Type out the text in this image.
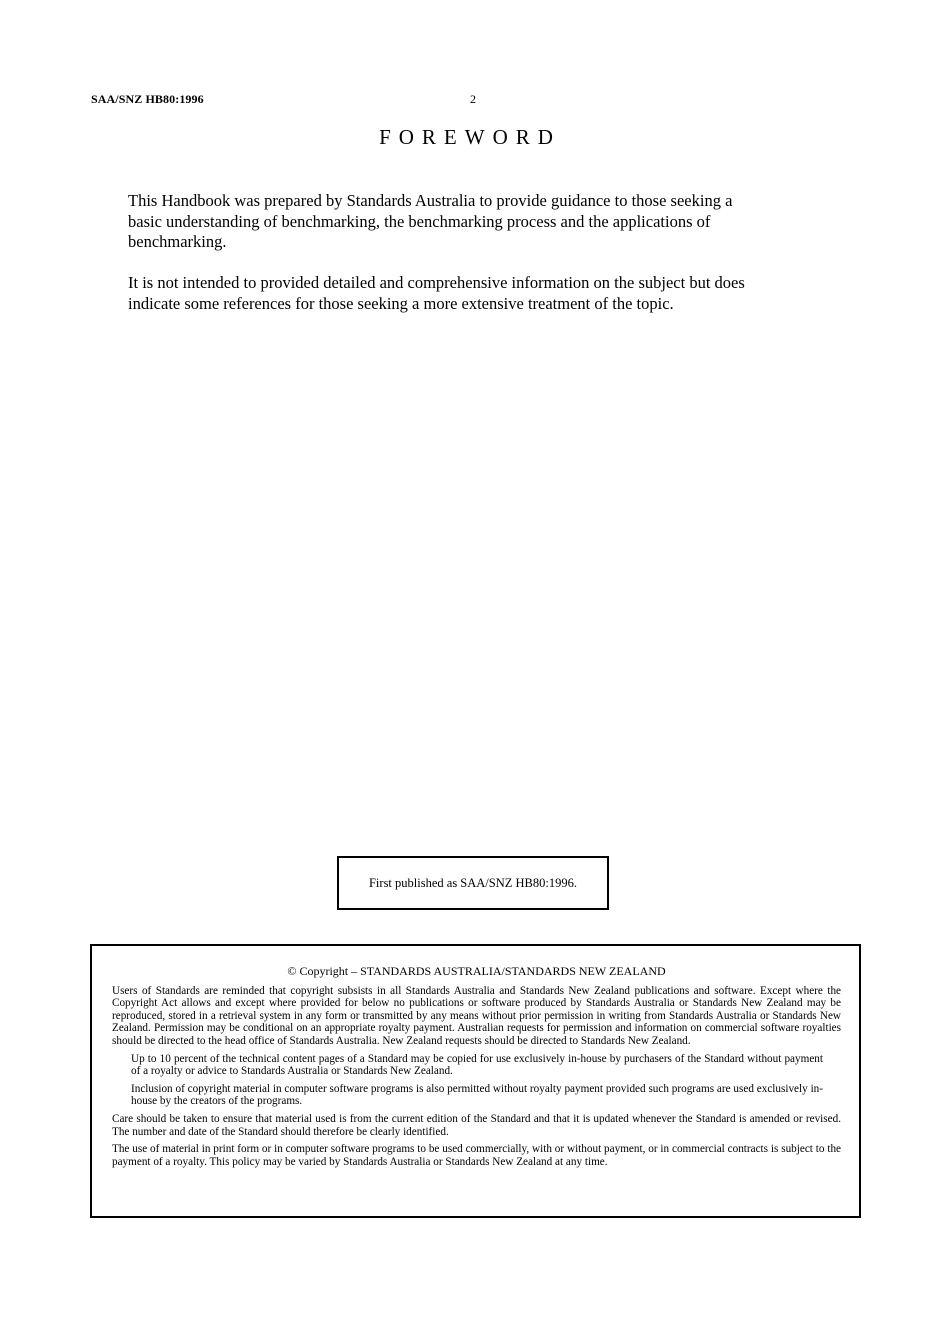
SAA/SNZ HB80:1996	2
FOREWORD

This Handbook was prepared by Standards Australia to provide guidance to those seeking a basic understanding of benchmarking, the benchmarking process and the applications of benchmarking.

It is not intended to provided detailed and comprehensive information on the subject but does indicate some references for those seeking a more extensive treatment of the topic.

First published as SAA/SNZ HB80:1996.
© Copyright – STANDARDS AUSTRALIA/STANDARDS NEW ZEALAND

Users of Standards are reminded that copyright subsists in all Standards Australia and Standards New Zealand publications and software. Except where the Copyright Act allows and except where provided for below no publications or software produced by Standards Australia or Standards New Zealand may be reproduced, stored in a retrieval system in any form or transmitted by any means without prior permission in writing from Standards Australia or Standards New Zealand. Permission may be conditional on an appropriate royalty payment. Australian requests for permission and information on commercial software royalties should be directed to the head office of Standards Australia. New Zealand requests should be directed to Standards New Zealand.

Up to 10 percent of the technical content pages of a Standard may be copied for use exclusively in-house by purchasers of the Standard without payment of a royalty or advice to Standards Australia or Standards New Zealand.

Inclusion of copyright material in computer software programs is also permitted without royalty payment provided such programs are used exclusively in-house by the creators of the programs.

Care should be taken to ensure that material used is from the current edition of the Standard and that it is updated whenever the Standard is amended or revised. The number and date of the Standard should therefore be clearly identified.

The use of material in print form or in computer software programs to be used commercially, with or without payment, or in commercial contracts is subject to the payment of a royalty. This policy may be varied by Standards Australia or Standards New Zealand at any time.
